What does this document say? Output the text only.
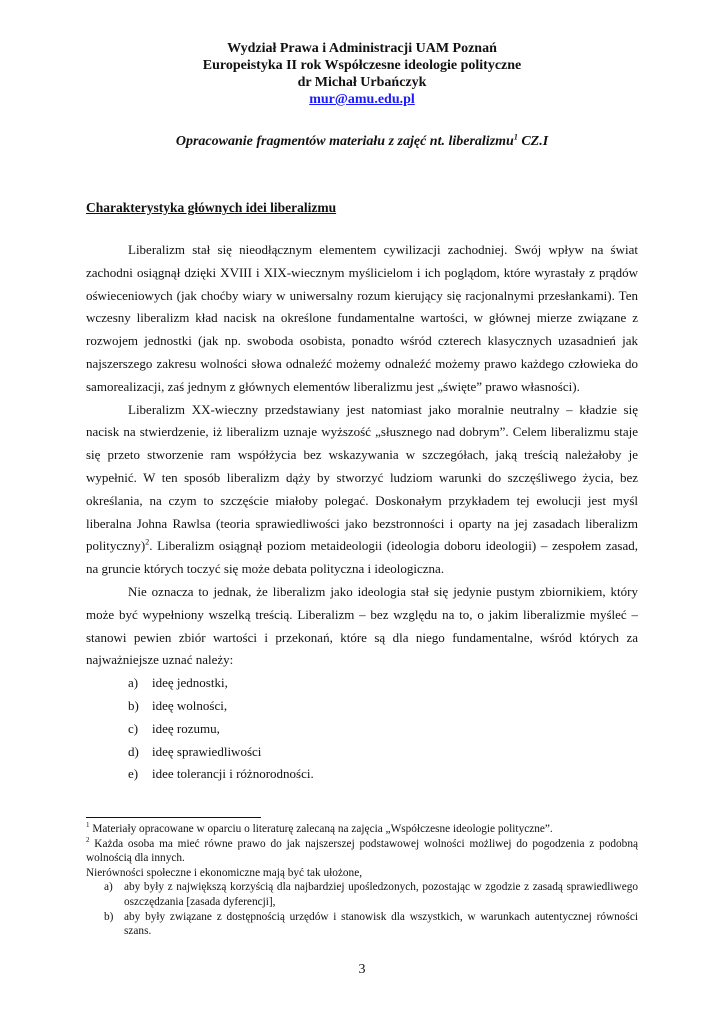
Wydział Prawa i Administracji UAM Poznań
Europeistyka II rok Współczesne ideologie polityczne
dr Michał Urbańczyk
mur@amu.edu.pl
Opracowanie fragmentów materiału z zajęć nt. liberalizmu$^1$ CZ.I
Charakterystyka głównych idei liberalizmu

Liberalizm stał się nieodłącznym elementem cywilizacji zachodniej. Swój wpływ na świat zachodni osiągnął dzięki XVIII i XIX-wiecznym myślicielom i ich poglądom, które wyrastały z prądów oświeceniowych (jak choćby wiary w uniwersalny rozum kierujący się racjonalnymi przesłankami). Ten wczesny liberalizm kład nacisk na określone fundamentalne wartości, w głównej mierze związane z rozwojem jednostki (jak np. swoboda osobista, ponadto wśród czterech klasycznych uzasadnień jak najszerszego zakresu wolności słowa odnaleźć możemy odnaleźć możemy prawo każdego człowieka do samorealizacji, zaś jednym z głównych elementów liberalizmu jest „święte” prawo własności).

Liberalizm XX-wieczny przedstawiany jest natomiast jako moralnie neutralny – kładzie się nacisk na stwierdzenie, iż liberalizm uznaje wyższość „słusznego nad dobrym”. Celem liberalizmu staje się przeto stworzenie ram współżycia bez wskazywania w szczegółach, jaką treścią należałoby je wypełnić. W ten sposób liberalizm dąży by stworzyć ludziom warunki do szczęśliwego życia, bez określania, na czym to szczęście miałoby polegać. Doskonałym przykładem tej ewolucji jest myśl liberalna Johna Rawlsa (teoria sprawiedliwości jako bezstronności i oparty na jej zasadach liberalizm polityczny)$^2$. Liberalizm osiągnął poziom metaideologii (ideologia doboru ideologii) – zespołem zasad, na gruncie których toczyć się może debata polityczna i ideologiczna.

Nie oznacza to jednak, że liberalizm jako ideologia stał się jedynie pustym zbiornikiem, który może być wypełniony wszelką treścią. Liberalizm – bez względu na to, o jakim liberalizmie myśleć – stanowi pewien zbiór wartości i przekonań, które są dla niego fundamentalne, wśród których za najważniejsze uznać należy:

a) ideę jednostki,
b) ideę wolności,
c) ideę rozumu,
d) ideę sprawiedliwości
e) idee tolerancji i różnorodności.

$^1$ Materiały opracowane w oparciu o literaturę zalecaną na zajęcia „Współczesne ideologie polityczne”.

$^2$ Każda osoba ma mieć równe prawo do jak najszerszej podstawowej wolności możliwej do pogodzenia z podobną wolnością dla innych.

Nierówności społeczne i ekonomiczne mają być tak ułożone,

a) aby były z największą korzyścią dla najbardziej upośledzonych, pozostając w zgodzie z zasadą sprawiedliwego oszczędzania [zasada dyferencji],
b) aby były związane z dostępnością urzędów i stanowisk dla wszystkich, w warunkach autentycznej równości szans.
3
